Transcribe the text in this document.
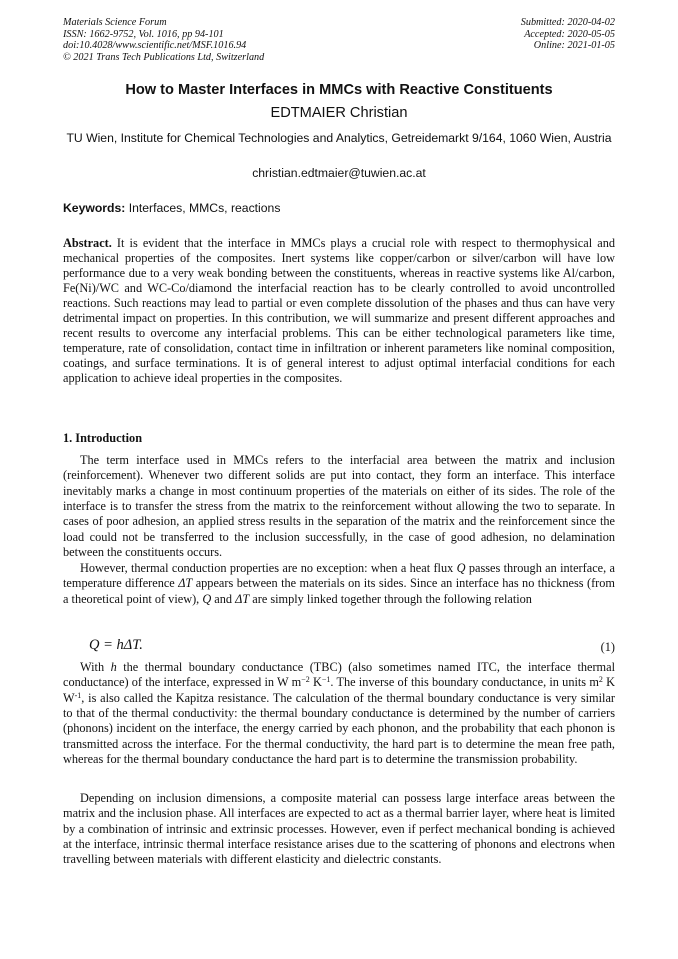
Materials Science Forum
ISSN: 1662-9752, Vol. 1016, pp 94-101
doi:10.4028/www.scientific.net/MSF.1016.94
© 2021 Trans Tech Publications Ltd, Switzerland
Submitted: 2020-04-02
Accepted: 2020-05-05
Online: 2021-01-05
How to Master Interfaces in MMCs with Reactive Constituents
EDTMAIER Christian
TU Wien, Institute for Chemical Technologies and Analytics, Getreidemarkt 9/164, 1060 Wien, Austria
christian.edtmaier@tuwien.ac.at
Keywords: Interfaces, MMCs, reactions
Abstract. It is evident that the interface in MMCs plays a crucial role with respect to thermophysical and mechanical properties of the composites. Inert systems like copper/carbon or silver/carbon will have low performance due to a very weak bonding between the constituents, whereas in reactive systems like Al/carbon, Fe(Ni)/WC and WC-Co/diamond the interfacial reaction has to be clearly controlled to avoid uncontrolled reactions. Such reactions may lead to partial or even complete dissolution of the phases and thus can have very detrimental impact on properties. In this contribution, we will summarize and present different approaches and recent results to overcome any interfacial problems. This can be either technological parameters like time, temperature, rate of consolidation, contact time in infiltration or inherent parameters like nominal composition, coatings, and surface terminations. It is of general interest to adjust optimal interfacial conditions for each application to achieve ideal properties in the composites.
1. Introduction

The term interface used in MMCs refers to the interfacial area between the matrix and inclusion (reinforcement). Whenever two different solids are put into contact, they form an interface. This interface inevitably marks a change in most continuum properties of the materials on either of its sides. The role of the interface is to transfer the stress from the matrix to the reinforcement without allowing the two to separate. In cases of poor adhesion, an applied stress results in the separation of the matrix and the reinforcement since the load could not be transferred to the inclusion successfully, in the case of good adhesion, no delamination between the constituents occurs.

However, thermal conduction properties are no exception: when a heat flux Q passes through an interface, a temperature difference ΔT appears between the materials on its sides. Since an interface has no thickness (from a theoretical point of view), Q and ΔT are simply linked together through the following relation

Q = hΔT.	(1)

With h the thermal boundary conductance (TBC) (also sometimes named ITC, the interface thermal conductance) of the interface, expressed in W $m^{-2}$ $K^{-1}$. The inverse of this boundary conductance, in units $m^2$ K $W^{-1}$, is also called the Kapitza resistance. The calculation of the thermal boundary conductance is very similar to that of the thermal conductivity: the thermal boundary conductance is determined by the number of carriers (phonons) incident on the interface, the energy carried by each phonon, and the probability that each phonon is transmitted across the interface. For the thermal conductivity, the hard part is to determine the mean free path, whereas for the thermal boundary conductance the hard part is to determine the transmission probability.

Depending on inclusion dimensions, a composite material can possess large interface areas between the matrix and the inclusion phase. All interfaces are expected to act as a thermal barrier layer, where heat is limited by a combination of intrinsic and extrinsic processes. However, even if perfect mechanical bonding is achieved at the interface, intrinsic thermal interface resistance arises due to the scattering of phonons and electrons when travelling between materials with different elasticity and dielectric constants.
